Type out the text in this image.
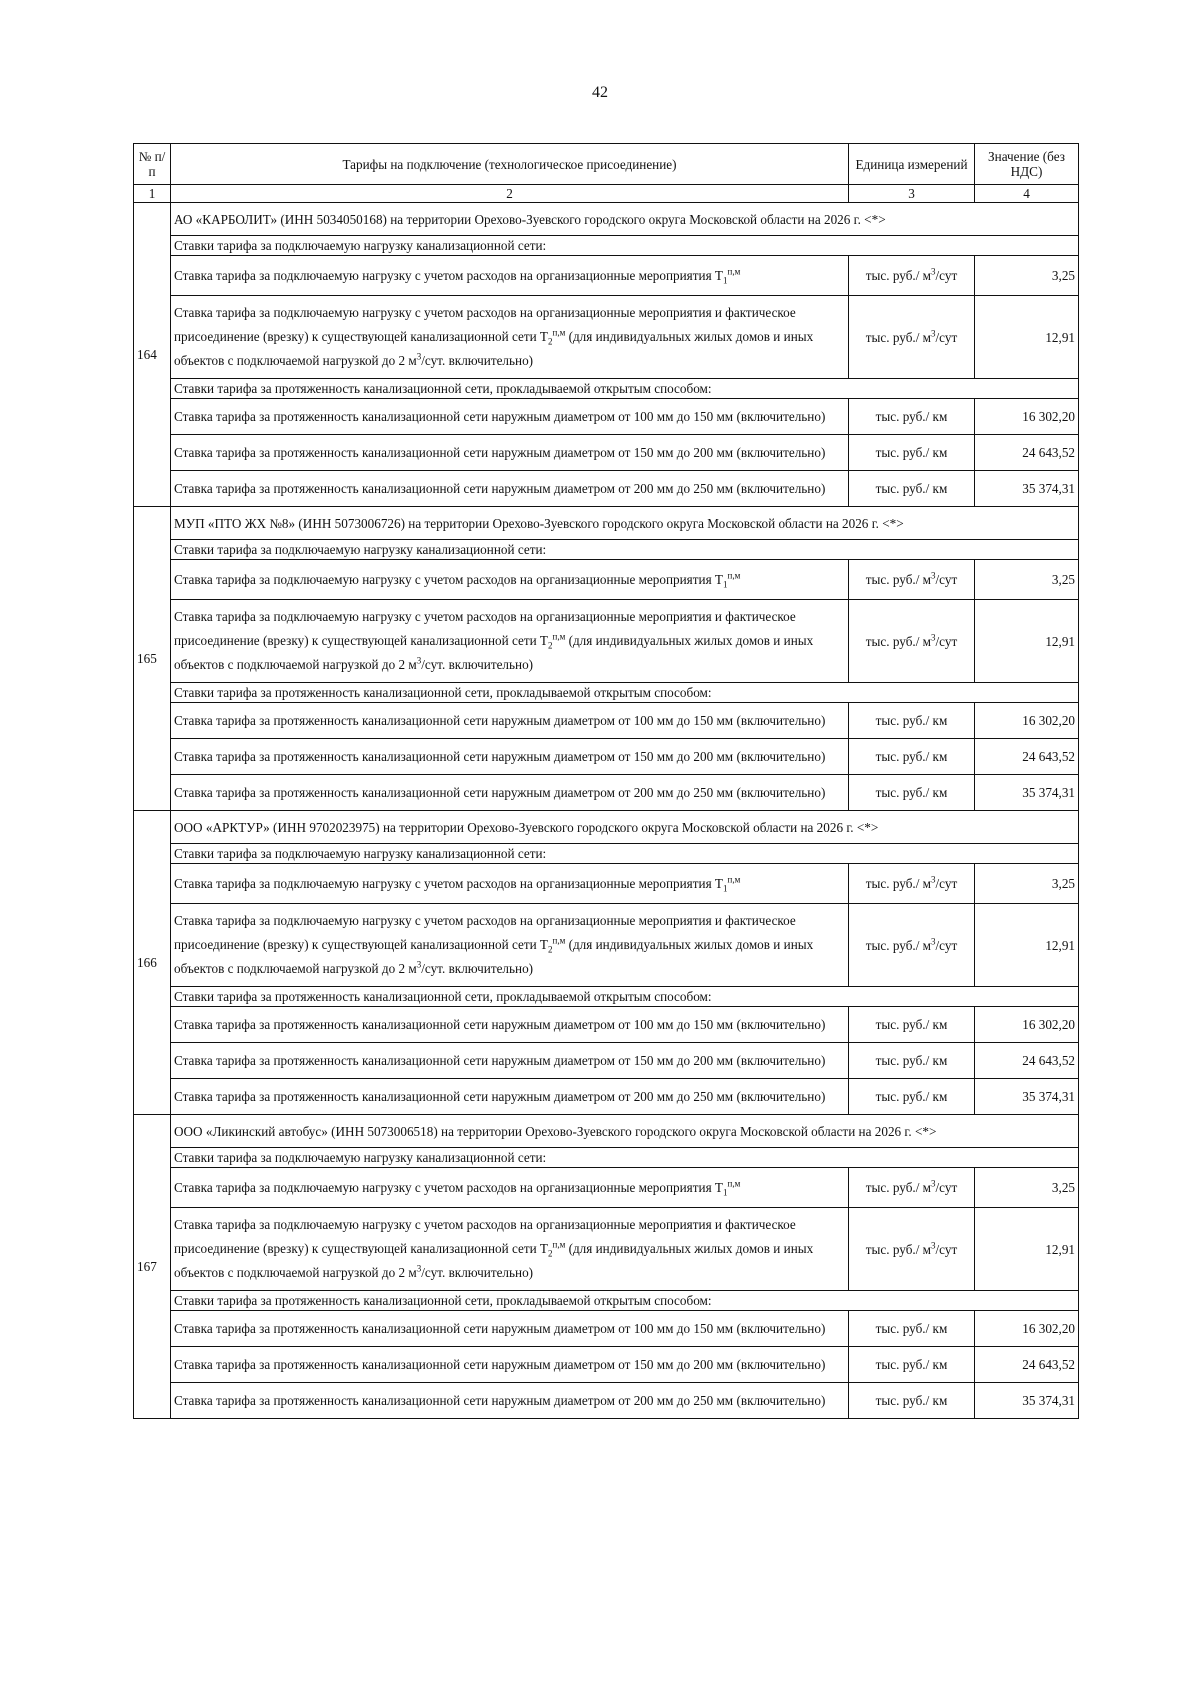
42
№ п/п	Тарифы на подключение (технологическое присоединение)	Единица измерений	Значение (без НДС)
1	2	3	4
164	АО «КАРБОЛИТ» (ИНН 5034050168) на территории Орехово-Зуевского городского округа Московской области на 2026 г. <*>		
	Ставки тарифа за подключаемую нагрузку канализационной сети:		
	Ставка тарифа за подключаемую нагрузку с учетом расходов на организационные мероприятия $T_1^{п,м}$	тыс. руб./ $м^3$/сут	3,25
	Ставка тарифа за подключаемую нагрузку с учетом расходов на организационные мероприятия и фактическое присоединение (врезку) к существующей канализационной сети $T_2^{п,м}$ (для индивидуальных жилых домов и иных объектов с подключаемой нагрузкой до 2 $м^3$/сут. включительно)	тыс. руб./ $м^3$/сут	12,91
	Ставки тарифа за протяженность канализационной сети, прокладываемой открытым способом:		
	Ставка тарифа за протяженность канализационной сети наружным диаметром от 100 мм до 150 мм (включительно)	тыс. руб./ км	16 302,20
	Ставка тарифа за протяженность канализационной сети наружным диаметром от 150 мм до 200 мм (включительно)	тыс. руб./ км	24 643,52
	Ставка тарифа за протяженность канализационной сети наружным диаметром от 200 мм до 250 мм (включительно)	тыс. руб./ км	35 374,31
165	МУП «ПТО ЖХ №8» (ИНН 5073006726) на территории Орехово-Зуевского городского округа Московской области на 2026 г. <*>		
	Ставки тарифа за подключаемую нагрузку канализационной сети:		
	Ставка тарифа за подключаемую нагрузку с учетом расходов на организационные мероприятия $T_1^{п,м}$	тыс. руб./ $м^3$/сут	3,25
	Ставка тарифа за подключаемую нагрузку с учетом расходов на организационные мероприятия и фактическое присоединение (врезку) к существующей канализационной сети $T_2^{п,м}$ (для индивидуальных жилых домов и иных объектов с подключаемой нагрузкой до 2 $м^3$/сут. включительно)	тыс. руб./ $м^3$/сут	12,91
	Ставки тарифа за протяженность канализационной сети, прокладываемой открытым способом:		
	Ставка тарифа за протяженность канализационной сети наружным диаметром от 100 мм до 150 мм (включительно)	тыс. руб./ км	16 302,20
	Ставка тарифа за протяженность канализационной сети наружным диаметром от 150 мм до 200 мм (включительно)	тыс. руб./ км	24 643,52
	Ставка тарифа за протяженность канализационной сети наружным диаметром от 200 мм до 250 мм (включительно)	тыс. руб./ км	35 374,31
166	ООО «АРКТУР» (ИНН 9702023975) на территории Орехово-Зуевского городского округа Московской области на 2026 г. <*>		
	Ставки тарифа за подключаемую нагрузку канализационной сети:		
	Ставка тарифа за подключаемую нагрузку с учетом расходов на организационные мероприятия $T_1^{п,м}$	тыс. руб./ $м^3$/сут	3,25
	Ставка тарифа за подключаемую нагрузку с учетом расходов на организационные мероприятия и фактическое присоединение (врезку) к существующей канализационной сети $T_2^{п,м}$ (для индивидуальных жилых домов и иных объектов с подключаемой нагрузкой до 2 $м^3$/сут. включительно)	тыс. руб./ $м^3$/сут	12,91
	Ставки тарифа за протяженность канализационной сети, прокладываемой открытым способом:		
	Ставка тарифа за протяженность канализационной сети наружным диаметром от 100 мм до 150 мм (включительно)	тыс. руб./ км	16 302,20
	Ставка тарифа за протяженность канализационной сети наружным диаметром от 150 мм до 200 мм (включительно)	тыс. руб./ км	24 643,52
	Ставка тарифа за протяженность канализационной сети наружным диаметром от 200 мм до 250 мм (включительно)	тыс. руб./ км	35 374,31
167	ООО «Ликинский автобус» (ИНН 5073006518) на территории Орехово-Зуевского городского округа Московской области на 2026 г. <*>		
	Ставки тарифа за подключаемую нагрузку канализационной сети:		
	Ставка тарифа за подключаемую нагрузку с учетом расходов на организационные мероприятия $T_1^{п,м}$	тыс. руб./ $м^3$/сут	3,25
	Ставка тарифа за подключаемую нагрузку с учетом расходов на организационные мероприятия и фактическое присоединение (врезку) к существующей канализационной сети $T_2^{п,м}$ (для индивидуальных жилых домов и иных объектов с подключаемой нагрузкой до 2 $м^3$/сут. включительно)	тыс. руб./ $м^3$/сут	12,91
	Ставки тарифа за протяженность канализационной сети, прокладываемой открытым способом:		
	Ставка тарифа за протяженность канализационной сети наружным диаметром от 100 мм до 150 мм (включительно)	тыс. руб./ км	16 302,20
	Ставка тарифа за протяженность канализационной сети наружным диаметром от 150 мм до 200 мм (включительно)	тыс. руб./ км	24 643,52
	Ставка тарифа за протяженность канализационной сети наружным диаметром от 200 мм до 250 мм (включительно)	тыс. руб./ км	35 374,31
